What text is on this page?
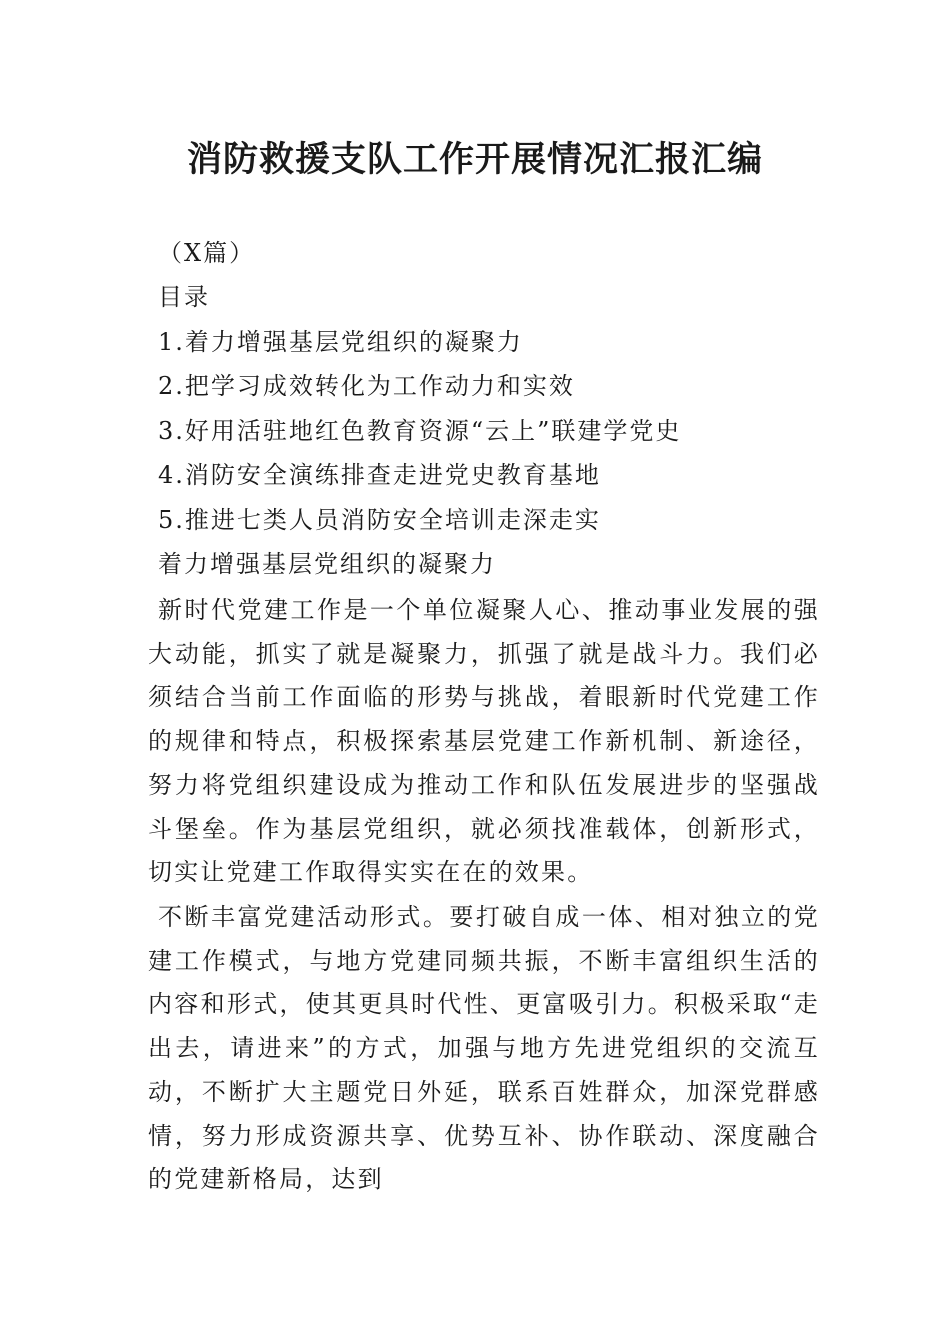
消防救援支队工作开展情况汇报汇编
（X篇）
目录
1.着力增强基层党组织的凝聚力
2.把学习成效转化为工作动力和实效
3.好用活驻地红色教育资源“云上”联建学党史
4.消防安全演练排查走进党史教育基地
5.推进七类人员消防安全培训走深走实
着力增强基层党组织的凝聚力
新时代党建工作是一个单位凝聚人心、推动事业发展的强大动能，抓实了就是凝聚力，抓强了就是战斗力。我们必须结合当前工作面临的形势与挑战，着眼新时代党建工作的规律和特点，积极探索基层党建工作新机制、新途径，努力将党组织建设成为推动工作和队伍发展进步的坚强战斗堡垒。作为基层党组织，就必须找准载体，创新形式，切实让党建工作取得实实在在的效果。
不断丰富党建活动形式。要打破自成一体、相对独立的党建工作模式，与地方党建同频共振，不断丰富组织生活的内容和形式，使其更具时代性、更富吸引力。积极采取“走出去，请进来”的方式，加强与地方先进党组织的交流互动，不断扩大主题党日外延，联系百姓群众，加深党群感情，努力形成资源共享、优势互补、协作联动、深度融合的党建新格局，达到
